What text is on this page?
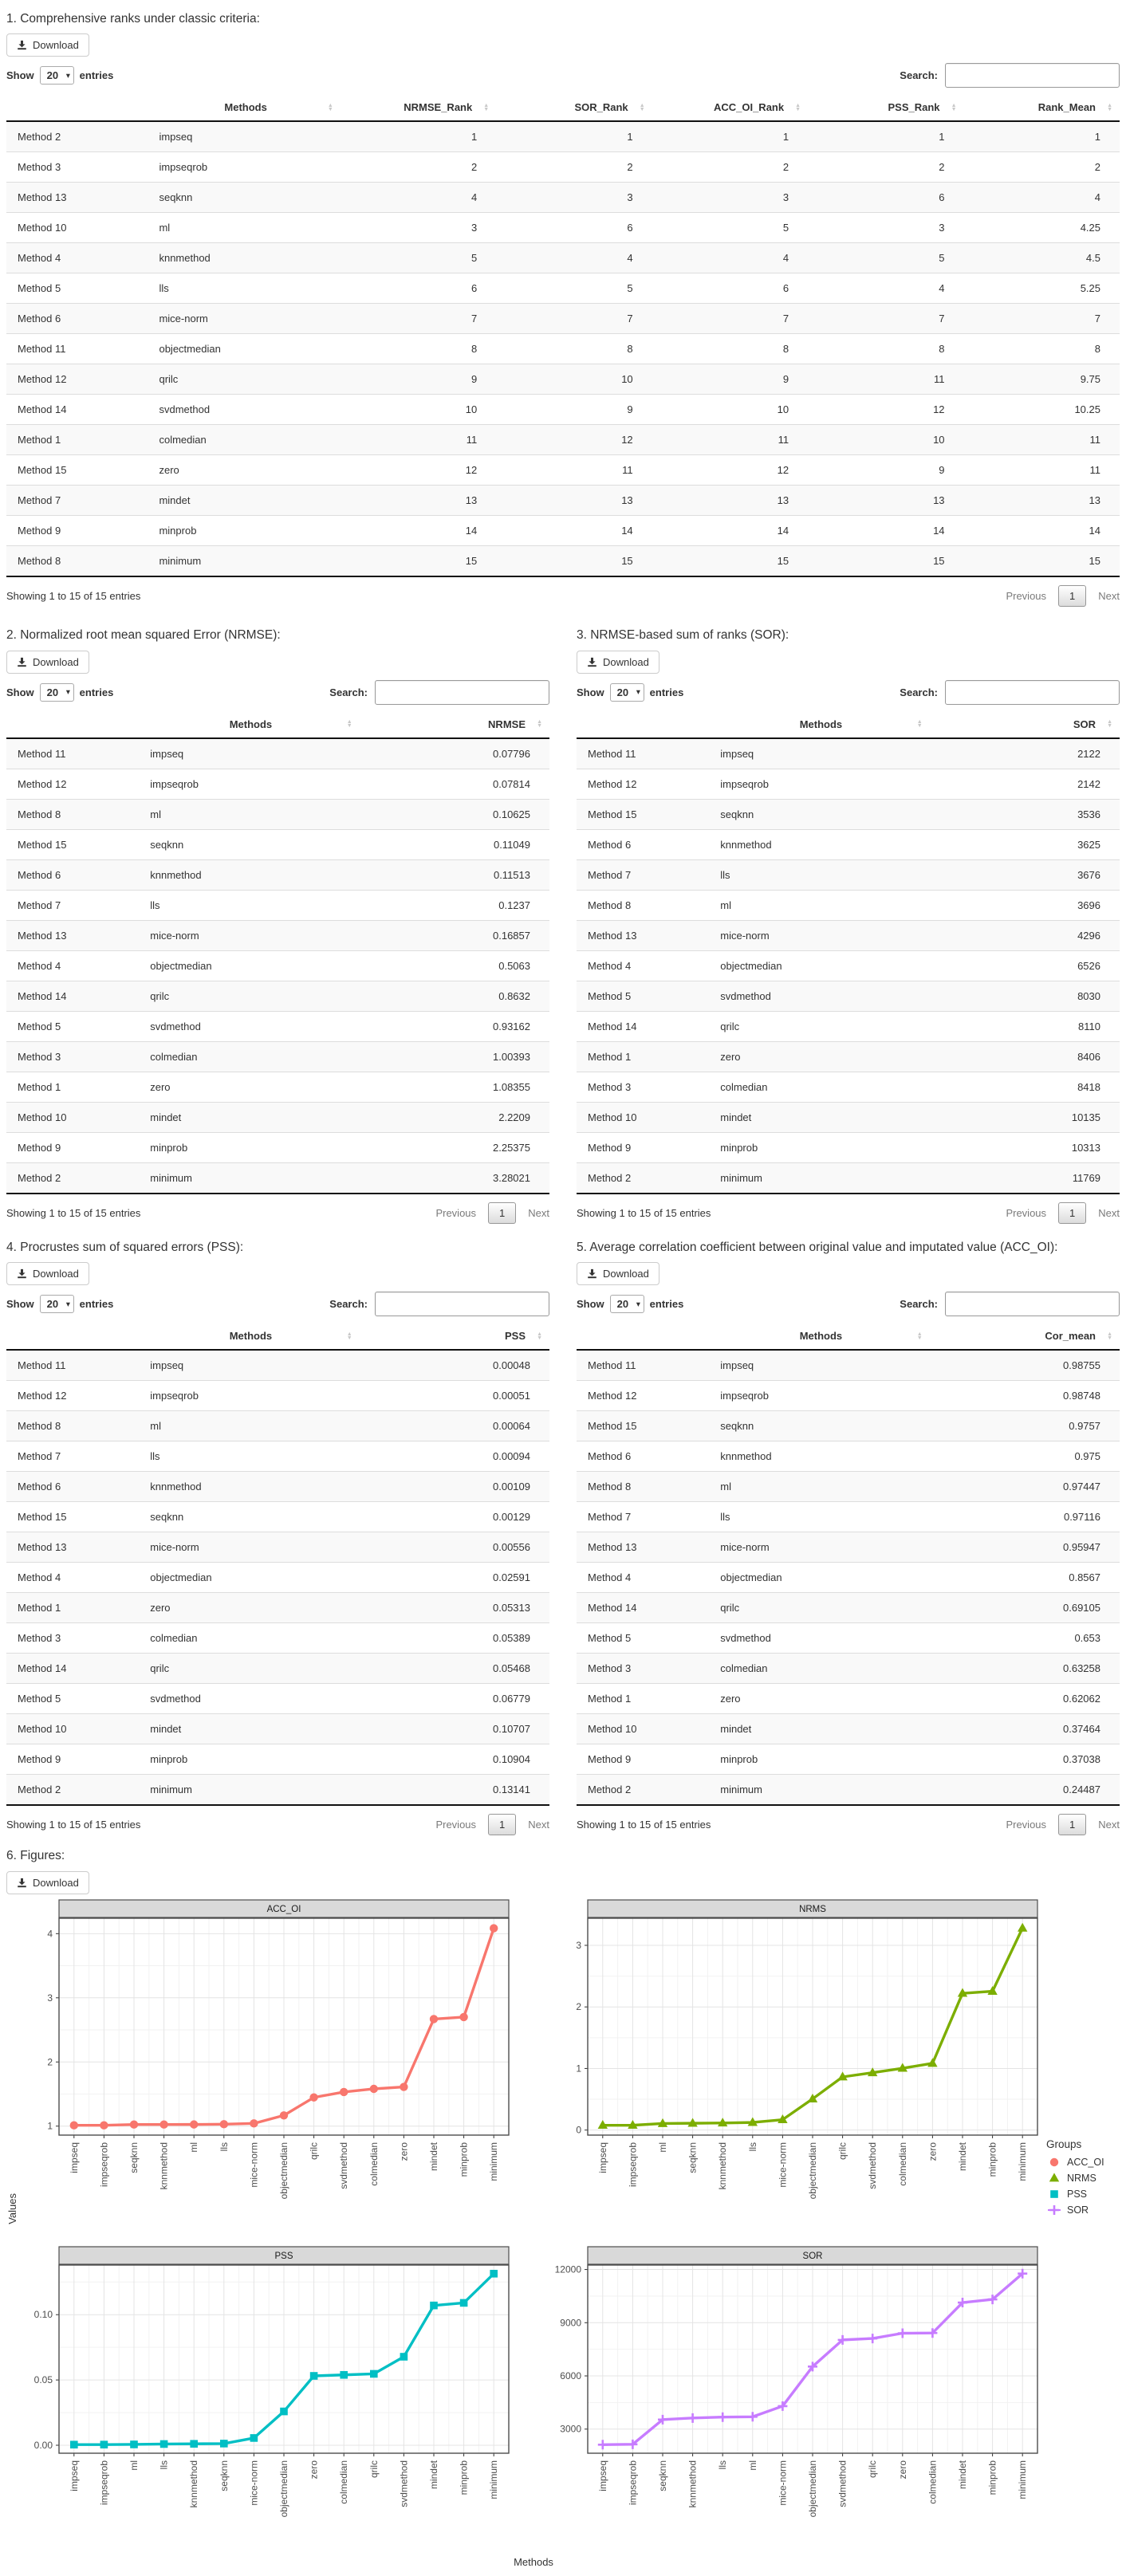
1. Comprehensive ranks under classic criteria:
Download
Show
20 ▾	entries	Search:
	Methods ▲
▼	NRMSE_Rank ▲
▼	SOR_Rank ▲
▼	ACC_OI_Rank ▲
▼	PSS_Rank ▲
▼	Rank_Mean ▲
▼

Method 2	impseq	1	1	1	1	1
Method 3	impseqrob	2	2	2	2	2
Method 13	seqknn	4	3	3	6	4
Method 10	ml	3	6	5	3	4.25
Method 4	knnmethod	5	4	4	5	4.5
Method 5	lls	6	5	6	4	5.25
Method 6	mice-norm	7	7	7	7	7
Method 11	objectmedian	8	8	8	8	8
Method 12	qrilc	9	10	9	11	9.75
Method 14	svdmethod	10	9	10	12	10.25
Method 1	colmedian	11	12	11	10	11
Method 15	zero	12	11	12	9	11
Method 7	mindet	13	13	13	13	13
Method 9	minprob	14	14	14	14	14
Method 8	minimum	15	15	15	15	15
Showing 1 to 15 of 15 entries	Previous	1	Next
2. Normalized root mean squared Error (NRMSE):
Download
Show
20 ▾	entries	Search:
	Methods ▲
▼	NRMSE ▲
▼

Method 11	impseq	0.07796
Method 12	impseqrob	0.07814
Method 8	ml	0.10625
Method 15	seqknn	0.11049
Method 6	knnmethod	0.11513
Method 7	lls	0.1237
Method 13	mice-norm	0.16857
Method 4	objectmedian	0.5063
Method 14	qrilc	0.8632
Method 5	svdmethod	0.93162
Method 3	colmedian	1.00393
Method 1	zero	1.08355
Method 10	mindet	2.2209
Method 9	minprob	2.25375
Method 2	minimum	3.28021
Showing 1 to 15 of 15 entries	Previous	1	Next
3. NRMSE-based sum of ranks (SOR):
Download
Show
20 ▾	entries	Search:
	Methods ▲
▼	SOR ▲
▼

Method 11	impseq	2122
Method 12	impseqrob	2142
Method 15	seqknn	3536
Method 6	knnmethod	3625
Method 7	lls	3676
Method 8	ml	3696
Method 13	mice-norm	4296
Method 4	objectmedian	6526
Method 5	svdmethod	8030
Method 14	qrilc	8110
Method 1	zero	8406
Method 3	colmedian	8418
Method 10	mindet	10135
Method 9	minprob	10313
Method 2	minimum	11769
Showing 1 to 15 of 15 entries	Previous	1	Next
4. Procrustes sum of squared errors (PSS):
Download
Show
20 ▾	entries	Search:
	Methods ▲
▼	PSS ▲
▼

Method 11	impseq	0.00048
Method 12	impseqrob	0.00051
Method 8	ml	0.00064
Method 7	lls	0.00094
Method 6	knnmethod	0.00109
Method 15	seqknn	0.00129
Method 13	mice-norm	0.00556
Method 4	objectmedian	0.02591
Method 1	zero	0.05313
Method 3	colmedian	0.05389
Method 14	qrilc	0.05468
Method 5	svdmethod	0.06779
Method 10	mindet	0.10707
Method 9	minprob	0.10904
Method 2	minimum	0.13141
Showing 1 to 15 of 15 entries	Previous	1	Next
5. Average correlation coefficient between original value and imputated value (ACC_OI):
Download
Show
20 ▾	entries	Search:
	Methods ▲
▼	Cor_mean ▲
▼

Method 11	impseq	0.98755
Method 12	impseqrob	0.98748
Method 15	seqknn	0.9757
Method 6	knnmethod	0.975
Method 8	ml	0.97447
Method 7	lls	0.97116
Method 13	mice-norm	0.95947
Method 4	objectmedian	0.8567
Method 14	qrilc	0.69105
Method 5	svdmethod	0.653
Method 3	colmedian	0.63258
Method 1	zero	0.62062
Method 10	mindet	0.37464
Method 9	minprob	0.37038
Method 2	minimum	0.24487
Showing 1 to 15 of 15 entries	Previous	1	Next
6. Figures:
Download
Values
1
2
3
4
impseq impseqrob seqknn knnmethod ml lls mice-norm objectmedian qrilc svdmethod colmedian zero mindet minprob minimum
ACC_OI
0
1
2
3
impseq impseqrob ml seqknn knnmethod lls mice-norm objectmedian qrilc svdmethod colmedian zero mindet minprob minimum
NRMS
0.00
0.05
0.10
impseq impseqrob ml lls knnmethod seqknn mice-norm objectmedian zero colmedian qrilc svdmethod mindet minprob minimum
PSS
3000
6000
9000
12000
impseq impseqrob seqknn knnmethod lls ml mice-norm objectmedian svdmethod qrilc zero colmedian mindet minprob minimum
SOR
Groups
ACC_OI
NRMS
PSS
SOR
Methods
